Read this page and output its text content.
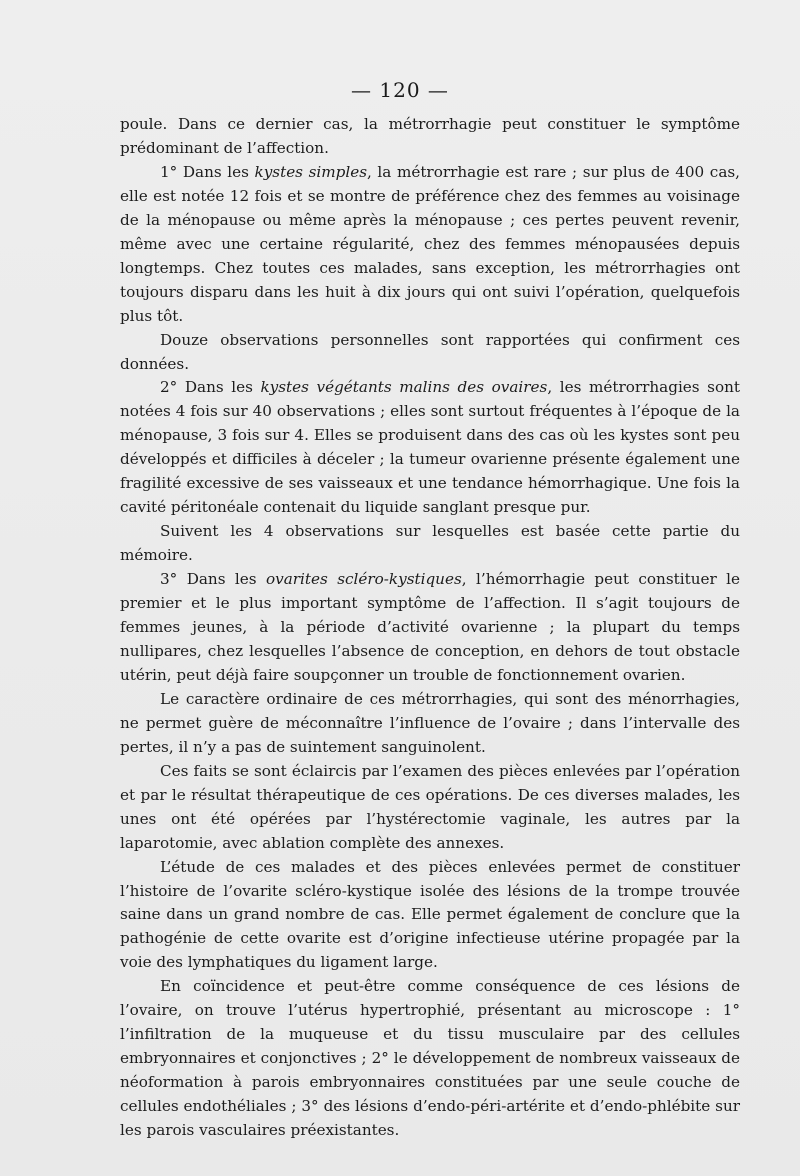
— 120 —

poule. Dans ce dernier cas, la métrorrhagie peut constituer le symptôme prédominant de l’affection.

1° Dans les kystes simples, la métrorrhagie est rare ; sur plus de 400 cas, elle est notée 12 fois et se montre de préférence chez des femmes au voisinage de la ménopause ou même après la ménopause ; ces pertes peuvent revenir, même avec une certaine régularité, chez des femmes ménopausées depuis longtemps. Chez toutes ces malades, sans exception, les métrorrhagies ont toujours disparu dans les huit à dix jours qui ont suivi l’opération, quelquefois plus tôt.

Douze observations personnelles sont rapportées qui confirment ces données.

2° Dans les kystes végétants malins des ovaires, les métrorrhagies sont notées 4 fois sur 40 observations ; elles sont surtout fréquentes à l’époque de la ménopause, 3 fois sur 4. Elles se produisent dans des cas où les kystes sont peu développés et difficiles à déceler ; la tumeur ovarienne présente également une fragilité excessive de ses vaisseaux et une tendance hémorrhagique. Une fois la cavité péritonéale contenait du liquide sanglant presque pur.

Suivent les 4 observations sur lesquelles est basée cette partie du mémoire.

3° Dans les ovarites scléro-kystiques, l’hémorrhagie peut constituer le premier et le plus important symptôme de l’affection. Il s’agit toujours de femmes jeunes, à la période d’activité ovarienne ; la plupart du temps nullipares, chez lesquelles l’absence de conception, en dehors de tout obstacle utérin, peut déjà faire soupçonner un trouble de fonctionnement ovarien.

Le caractère ordinaire de ces métrorrhagies, qui sont des ménorrhagies, ne permet guère de méconnaître l’influence de l’ovaire ; dans l’intervalle des pertes, il n’y a pas de suintement sanguinolent.

Ces faits se sont éclaircis par l’examen des pièces enlevées par l’opération et par le résultat thérapeutique de ces opérations. De ces diverses malades, les unes ont été opérées par l’hystérectomie vaginale, les autres par la laparotomie, avec ablation complète des annexes.

L’étude de ces malades et des pièces enlevées permet de constituer l’histoire de l’ovarite scléro-kystique isolée des lésions de la trompe trouvée saine dans un grand nombre de cas. Elle permet également de conclure que la pathogénie de cette ovarite est d’origine infectieuse utérine propagée par la voie des lymphatiques du ligament large.

En coïncidence et peut-être comme conséquence de ces lésions de l’ovaire, on trouve l’utérus hypertrophié, présentant au microscope : 1° l’infiltration de la muqueuse et du tissu musculaire par des cellules embryonnaires et conjonctives ; 2° le développement de nombreux vaisseaux de néoformation à parois embryonnaires constituées par une seule couche de cellules endothéliales ; 3° des lésions d’endo-péri-artérite et d’endo-phlébite sur les parois vasculaires préexistantes.
